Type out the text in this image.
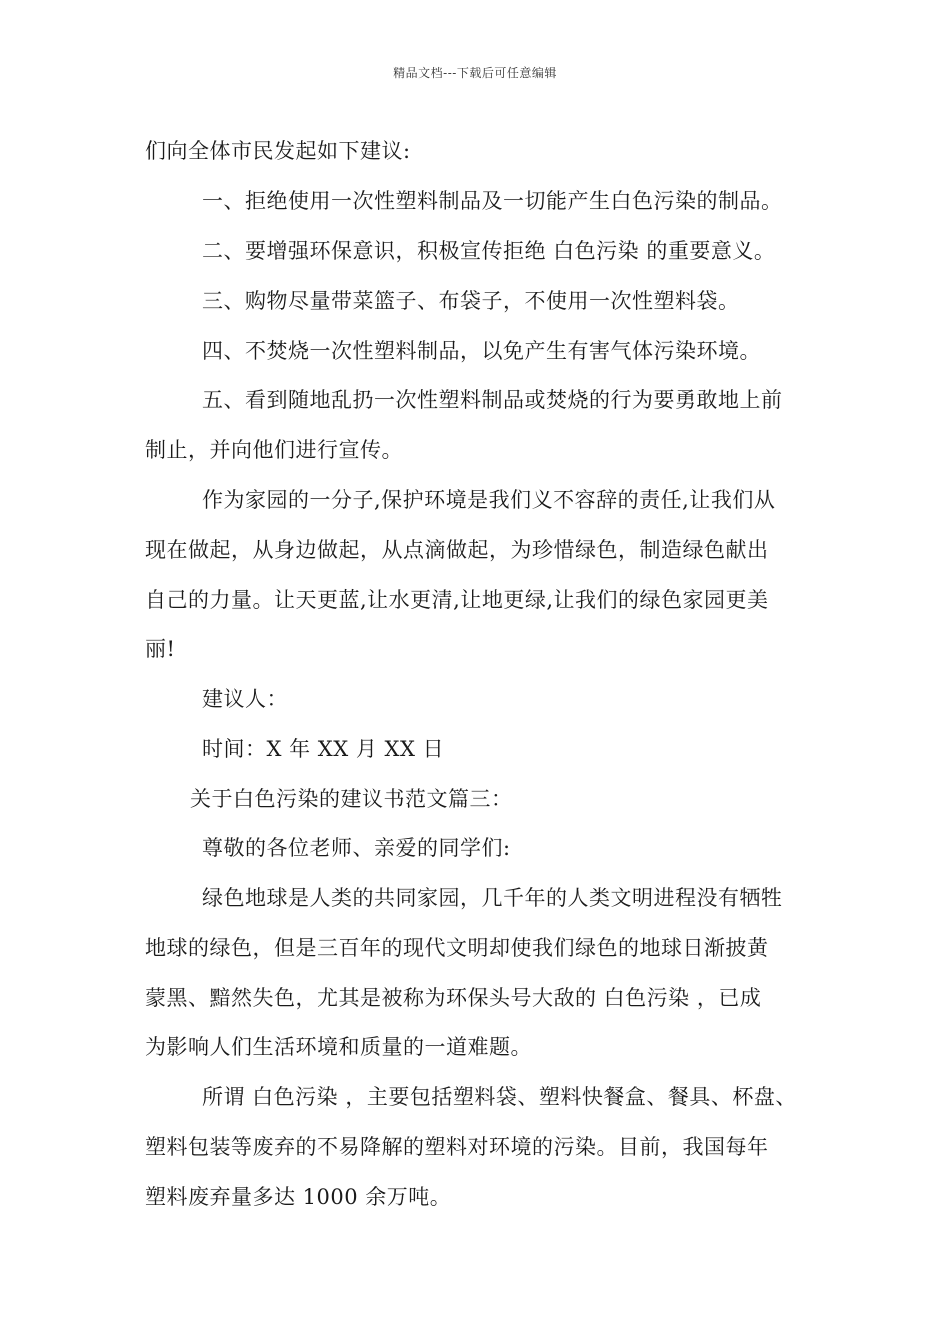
精品文档---下载后可任意编辑
们向全体市民发起如下建议:
一、拒绝使用一次性塑料制品及一切能产生白色污染的制品。
二、要增强环保意识，积极宣传拒绝 白色污染 的重要意义。
三、购物尽量带菜篮子、布袋子，不使用一次性塑料袋。
四、不焚烧一次性塑料制品，以免产生有害气体污染环境。
五、看到随地乱扔一次性塑料制品或焚烧的行为要勇敢地上前
制止，并向他们进行宣传。
作为家园的一分子,保护环境是我们义不容辞的责任,让我们从
现在做起，从身边做起，从点滴做起，为珍惜绿色，制造绿色献出
自己的力量。让天更蓝,让水更清,让地更绿,让我们的绿色家园更美
丽!
建议人：
时间：X 年 XX 月 XX 日
关于白色污染的建议书范文篇三：
尊敬的各位老师、亲爱的同学们:
绿色地球是人类的共同家园，几千年的人类文明进程没有牺牲
地球的绿色，但是三百年的现代文明却使我们绿色的地球日渐披黄
蒙黑、黯然失色，尤其是被称为环保头号大敌的 白色污染 ，已成
为影响人们生活环境和质量的一道难题。
所谓 白色污染 ，主要包括塑料袋、塑料快餐盒、餐具、杯盘、
塑料包装等废弃的不易降解的塑料对环境的污染。目前，我国每年
塑料废弃量多达 1000 余万吨。
